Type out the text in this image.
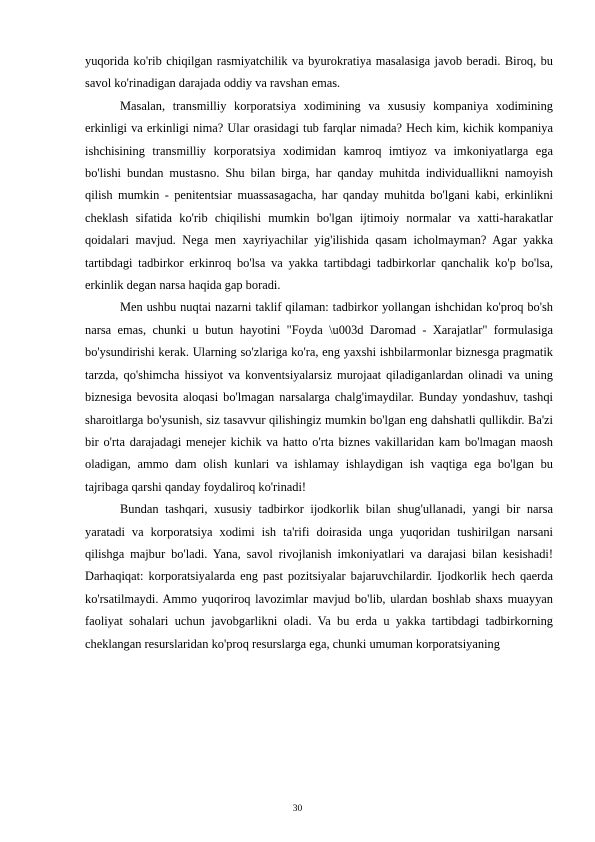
yuqorida ko'rib chiqilgan rasmiyatchilik va byurokratiya masalasiga javob beradi. Biroq, bu savol ko'rinadigan darajada oddiy va ravshan emas.

Masalan, transmilliy korporatsiya xodimining va xususiy kompaniya xodimining erkinligi va erkinligi nima? Ular orasidagi tub farqlar nimada? Hech kim, kichik kompaniya ishchisining transmilliy korporatsiya xodimidan kamroq imtiyoz va imkoniyatlarga ega bo'lishi bundan mustasno. Shu bilan birga, har qanday muhitda individuallikni namoyish qilish mumkin - penitentsiar muassasagacha, har qanday muhitda bo'lgani kabi, erkinlikni cheklash sifatida ko'rib chiqilishi mumkin bo'lgan ijtimoiy normalar va xatti-harakatlar qoidalari mavjud. Nega men xayriyachilar yig'ilishida qasam icholmayman? Agar yakka tartibdagi tadbirkor erkinroq bo'lsa va yakka tartibdagi tadbirkorlar qanchalik ko'p bo'lsa, erkinlik degan narsa haqida gap boradi.

Men ushbu nuqtai nazarni taklif qilaman: tadbirkor yollangan ishchidan ko'proq bo'sh narsa emas, chunki u butun hayotini "Foyda \u003d Daromad - Xarajatlar" formulasiga bo'ysundirishi kerak. Ularning so'zlariga ko'ra, eng yaxshi ishbilarmonlar biznesga pragmatik tarzda, qo'shimcha hissiyot va konventsiyalarsiz murojaat qiladiganlardan olinadi va uning biznesiga bevosita aloqasi bo'lmagan narsalarga chalg'imaydilar. Bunday yondashuv, tashqi sharoitlarga bo'ysunish, siz tasavvur qilishingiz mumkin bo'lgan eng dahshatli qullikdir. Ba'zi bir o'rta darajadagi menejer kichik va hatto o'rta biznes vakillaridan kam bo'lmagan maosh oladigan, ammo dam olish kunlari va ishlamay ishlaydigan ish vaqtiga ega bo'lgan bu tajribaga qarshi qanday foydaliroq ko'rinadi!

Bundan tashqari, xususiy tadbirkor ijodkorlik bilan shug'ullanadi, yangi bir narsa yaratadi va korporatsiya xodimi ish ta'rifi doirasida unga yuqoridan tushirilgan narsani qilishga majbur bo'ladi. Yana, savol rivojlanish imkoniyatlari va darajasi bilan kesishadi! Darhaqiqat: korporatsiyalarda eng past pozitsiyalar bajaruvchilardir. Ijodkorlik hech qaerda ko'rsatilmaydi. Ammo yuqoriroq lavozimlar mavjud bo'lib, ulardan boshlab shaxs muayyan faoliyat sohalari uchun javobgarlikni oladi. Va bu erda u yakka tartibdagi tadbirkorning cheklangan resurslaridan ko'proq resurslarga ega, chunki umuman korporatsiyaning

30
